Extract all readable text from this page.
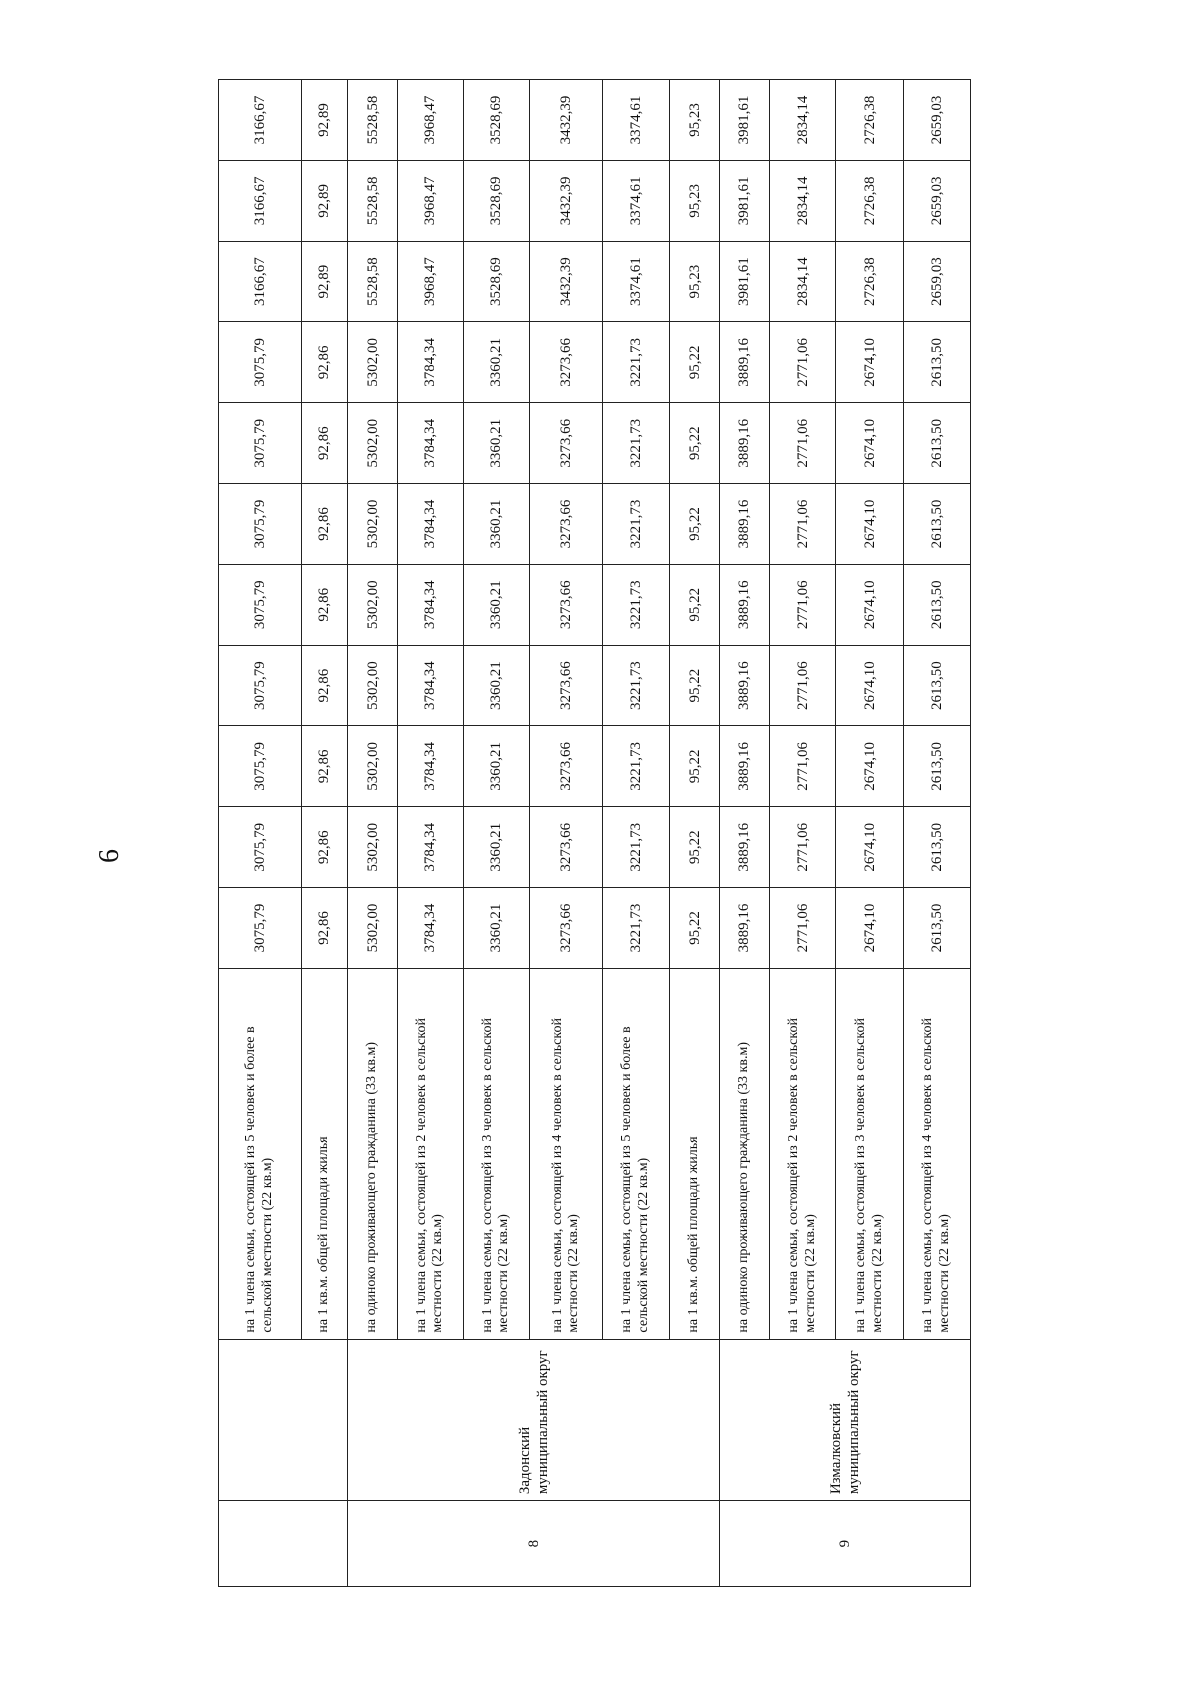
6
		на 1 члена семьи, состоящей из 5 человек и более в сельской местности (22 кв.м)	3075,79	3075,79	3075,79	3075,79	3075,79	3075,79	3075,79	3075,79	3166,67	3166,67	3166,67
		на 1 кв.м. общей площади жилья	92,86	92,86	92,86	92,86	92,86	92,86	92,86	92,86	92,89	92,89	92,89
8	Задонский муниципальный округ	на одиноко проживающего гражданина (33 кв.м)	5302,00	5302,00	5302,00	5302,00	5302,00	5302,00	5302,00	5302,00	5528,58	5528,58	5528,58
		на 1 члена семьи, состоящей из 2 человек в сельской местности (22 кв.м)	3784,34	3784,34	3784,34	3784,34	3784,34	3784,34	3784,34	3784,34	3968,47	3968,47	3968,47
		на 1 члена семьи, состоящей из 3 человек в сельской местности (22 кв.м)	3360,21	3360,21	3360,21	3360,21	3360,21	3360,21	3360,21	3360,21	3528,69	3528,69	3528,69
		на 1 члена семьи, состоящей из 4 человек в сельской местности (22 кв.м)	3273,66	3273,66	3273,66	3273,66	3273,66	3273,66	3273,66	3273,66	3432,39	3432,39	3432,39
		на 1 члена семьи, состоящей из 5 человек и более в сельской местности (22 кв.м)	3221,73	3221,73	3221,73	3221,73	3221,73	3221,73	3221,73	3221,73	3374,61	3374,61	3374,61
		на 1 кв.м. общей площади жилья	95,22	95,22	95,22	95,22	95,22	95,22	95,22	95,22	95,23	95,23	95,23
9	Измалковский муниципальный округ	на одиноко проживающего гражданина (33 кв.м)	3889,16	3889,16	3889,16	3889,16	3889,16	3889,16	3889,16	3889,16	3981,61	3981,61	3981,61
		на 1 члена семьи, состоящей из 2 человек в сельской местности (22 кв.м)	2771,06	2771,06	2771,06	2771,06	2771,06	2771,06	2771,06	2771,06	2834,14	2834,14	2834,14
		на 1 члена семьи, состоящей из 3 человек в сельской местности (22 кв.м)	2674,10	2674,10	2674,10	2674,10	2674,10	2674,10	2674,10	2674,10	2726,38	2726,38	2726,38
		на 1 члена семьи, состоящей из 4 человек в сельской местности (22 кв.м)	2613,50	2613,50	2613,50	2613,50	2613,50	2613,50	2613,50	2613,50	2659,03	2659,03	2659,03
